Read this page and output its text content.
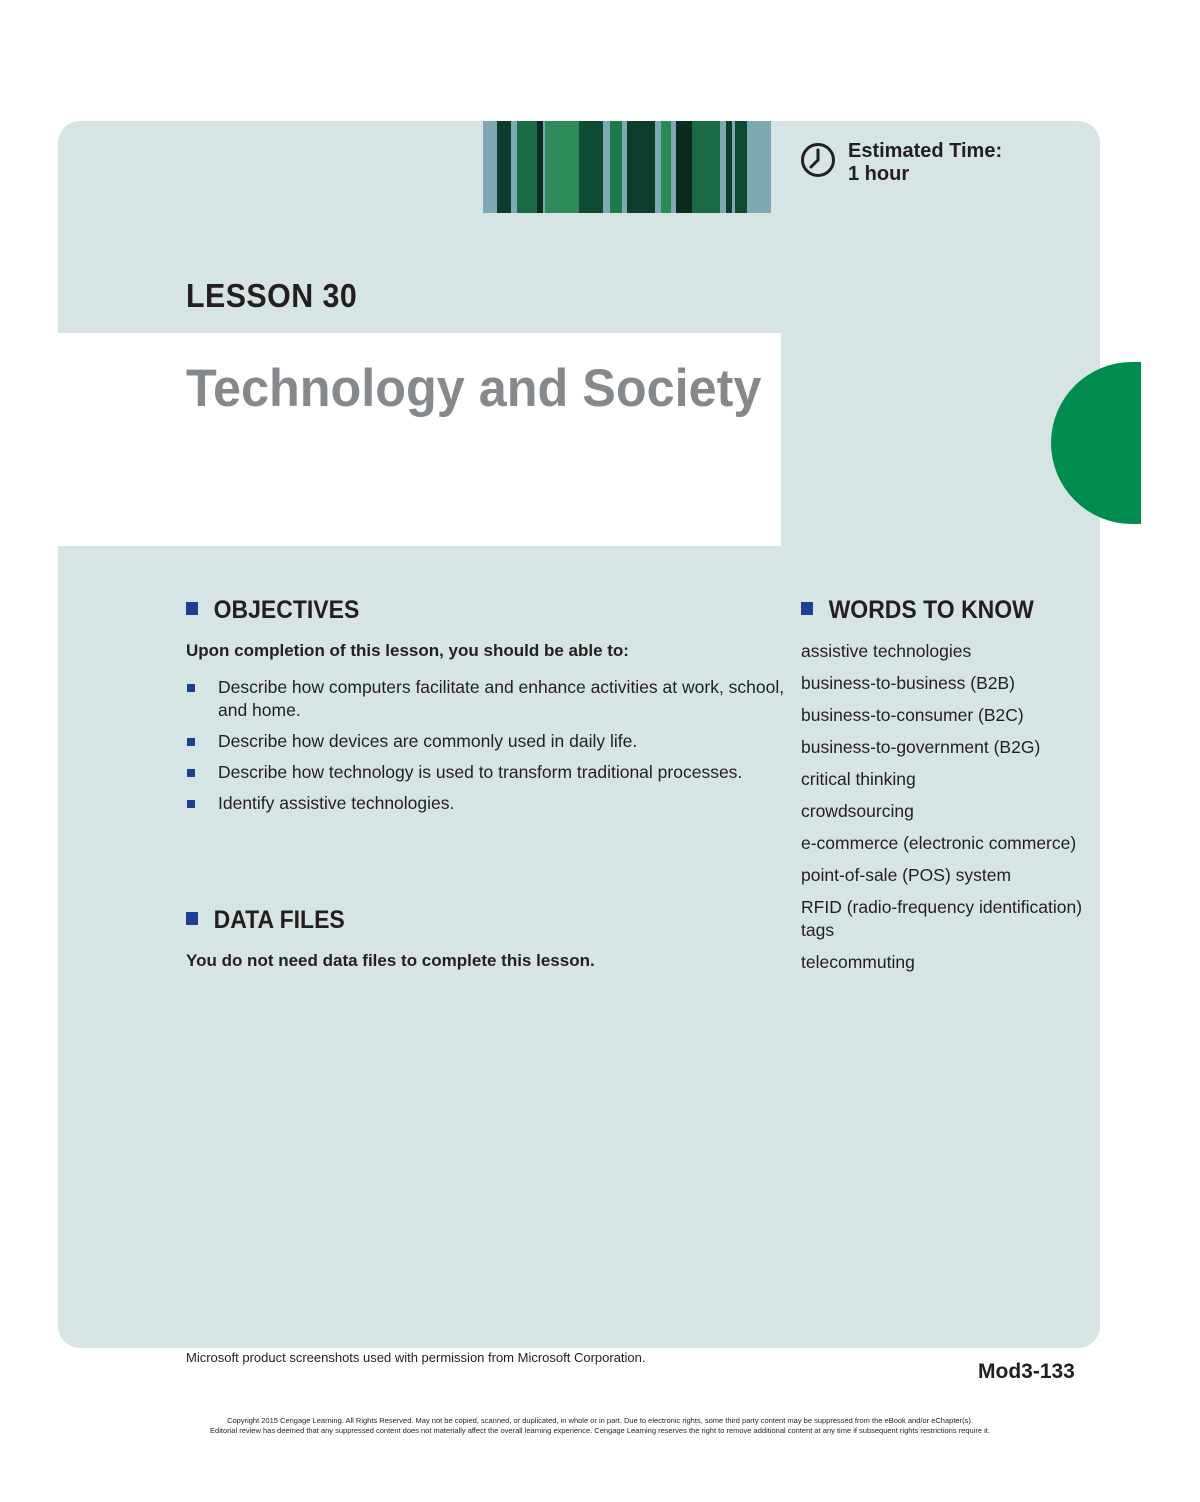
Estimated Time:
1 hour
LESSON 30
Technology and Society
OBJECTIVES
Upon completion of this lesson, you should be able to:
Describe how computers facilitate and enhance activities at work, school, and home.
Describe how devices are commonly used in daily life.
Describe how technology is used to transform traditional processes.
Identify assistive technologies.
DATA FILES
You do not need data files to complete this lesson.
WORDS TO KNOW
assistive technologies
business-to-business (B2B)
business-to-consumer (B2C)
business-to-government (B2G)
critical thinking
crowdsourcing
e-commerce (electronic commerce)
point-of-sale (POS) system
RFID (radio-frequency identification) tags
telecommuting
Microsoft product screenshots used with permission from Microsoft Corporation.
Mod3-133
Copyright 2015 Cengage Learning. All Rights Reserved. May not be copied, scanned, or duplicated, in whole or in part. Due to electronic rights, some third party content may be suppressed from the eBook and/or eChapter(s).
Editorial review has deemed that any suppressed content does not materially affect the overall learning experience. Cengage Learning reserves the right to remove additional content at any time if subsequent rights restrictions require it.
